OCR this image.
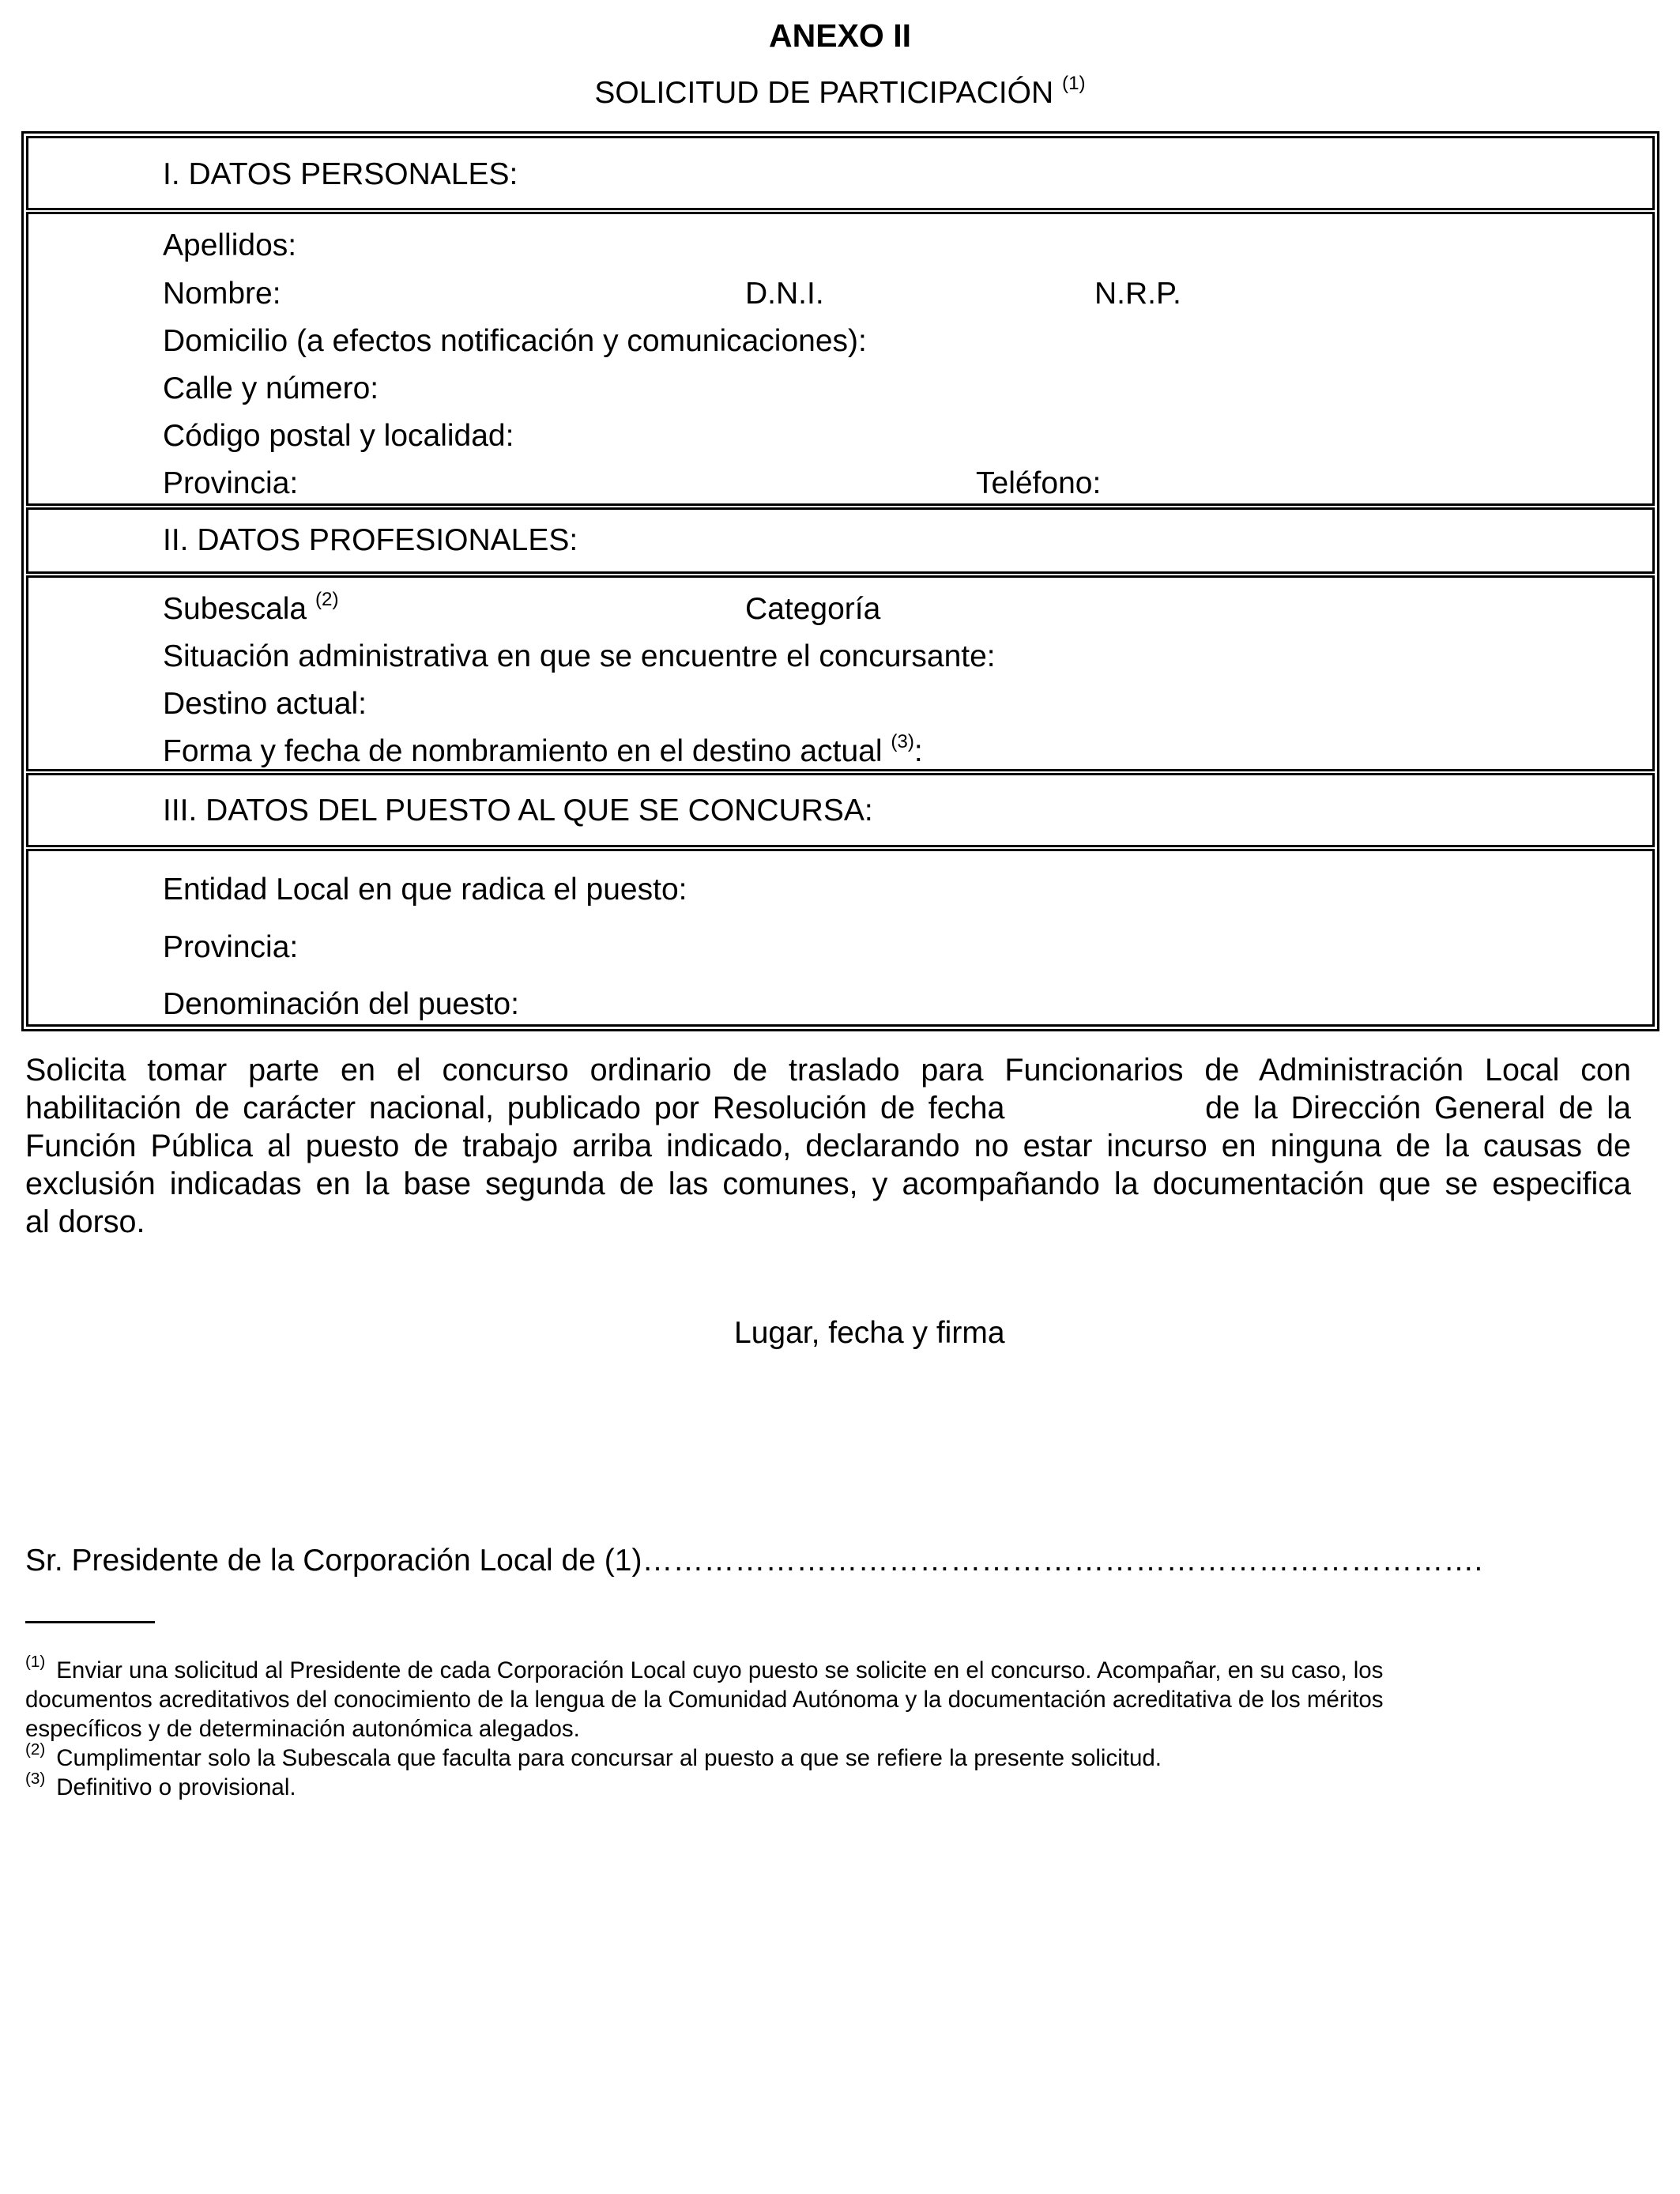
ANEXO II
SOLICITUD DE PARTICIPACIÓN $^{(1)}$
I. DATOS PERSONALES:
Apellidos:
Nombre:	D.N.I.	N.R.P.
Domicilio (a efectos notificación y comunicaciones):
Calle y número:
Código postal y localidad:
Provincia:	Teléfono:
II. DATOS PROFESIONALES:
Subescala $^{(2)}$	Categoría
Situación administrativa en que se encuentre el concursante:
Destino actual:
Forma y fecha de nombramiento en el destino actual $^{(3)}$:
III. DATOS DEL PUESTO AL QUE SE CONCURSA:
Entidad Local en que radica el puesto:
Provincia:
Denominación del puesto:
Solicita tomar parte en el concurso ordinario de traslado para Funcionarios de Administración Local con
habilitación de carácter nacional, publicado por Resolución de fecha	de la Dirección General de la
Función Pública al puesto de trabajo arriba indicado, declarando no estar incurso en ninguna de la causas de
exclusión indicadas en la base segunda de las comunes, y acompañando la documentación que se especifica
al dorso.
Lugar, fecha y firma
Sr. Presidente de la Corporación Local de (1)……………………………………………………………………….
$^{(1)}$ Enviar una solicitud al Presidente de cada Corporación Local cuyo puesto se solicite en el concurso. Acompañar, en su caso, los
documentos acreditativos del conocimiento de la lengua de la Comunidad Autónoma y la documentación acreditativa de los méritos
específicos y de determinación autonómica alegados.
$^{(2)}$ Cumplimentar solo la Subescala que faculta para concursar al puesto a que se refiere la presente solicitud.
$^{(3)}$ Definitivo o provisional.
